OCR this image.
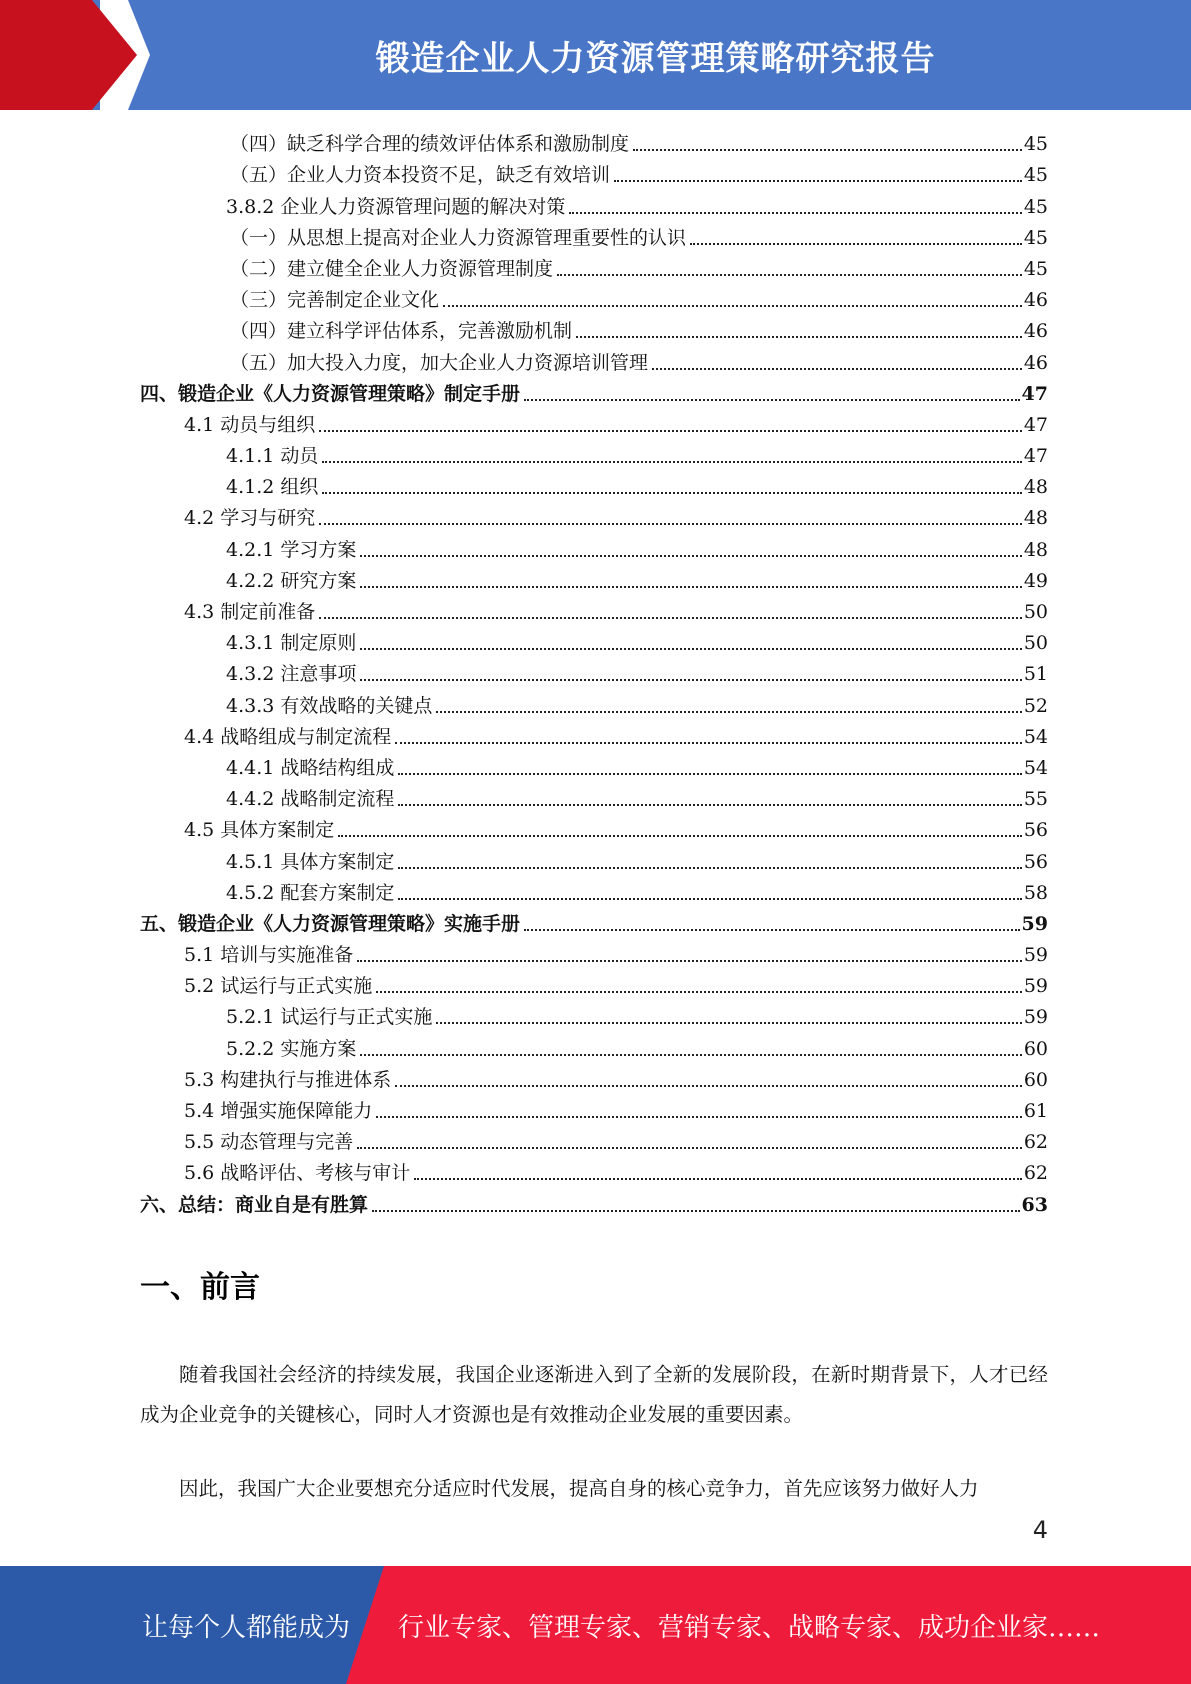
锻造企业人力资源管理策略研究报告
（四）缺乏科学合理的绩效评估体系和激励制度	45
（五）企业人力资本投资不足，缺乏有效培训	45
3.8.2 企业人力资源管理问题的解决对策	45
（一）从思想上提高对企业人力资源管理重要性的认识	45
（二）建立健全企业人力资源管理制度	45
（三）完善制定企业文化	46
（四）建立科学评估体系，完善激励机制	46
（五）加大投入力度，加大企业人力资源培训管理	46
四、锻造企业《人力资源管理策略》制定手册	47
4.1 动员与组织	47
4.1.1 动员	47
4.1.2 组织	48
4.2 学习与研究	48
4.2.1 学习方案	48
4.2.2 研究方案	49
4.3 制定前准备	50
4.3.1 制定原则	50
4.3.2 注意事项	51
4.3.3 有效战略的关键点	52
4.4 战略组成与制定流程	54
4.4.1 战略结构组成	54
4.4.2 战略制定流程	55
4.5 具体方案制定	56
4.5.1 具体方案制定	56
4.5.2 配套方案制定	58
五、锻造企业《人力资源管理策略》实施手册	59
5.1 培训与实施准备	59
5.2 试运行与正式实施	59
5.2.1 试运行与正式实施	59
5.2.2 实施方案	60
5.3 构建执行与推进体系	60
5.4 增强实施保障能力	61
5.5 动态管理与完善	62
5.6 战略评估、考核与审计	62
六、总结：商业自是有胜算	63
一、前言
随着我国社会经济的持续发展，我国企业逐渐进入到了全新的发展阶段，在新时期背景下，人才已经成为企业竞争的关键核心，同时人才资源也是有效推动企业发展的重要因素。
因此，我国广大企业要想充分适应时代发展，提高自身的核心竞争力，首先应该努力做好人力
4
让每个人都能成为 行业专家、管理专家、营销专家、战略专家、成功企业家……
